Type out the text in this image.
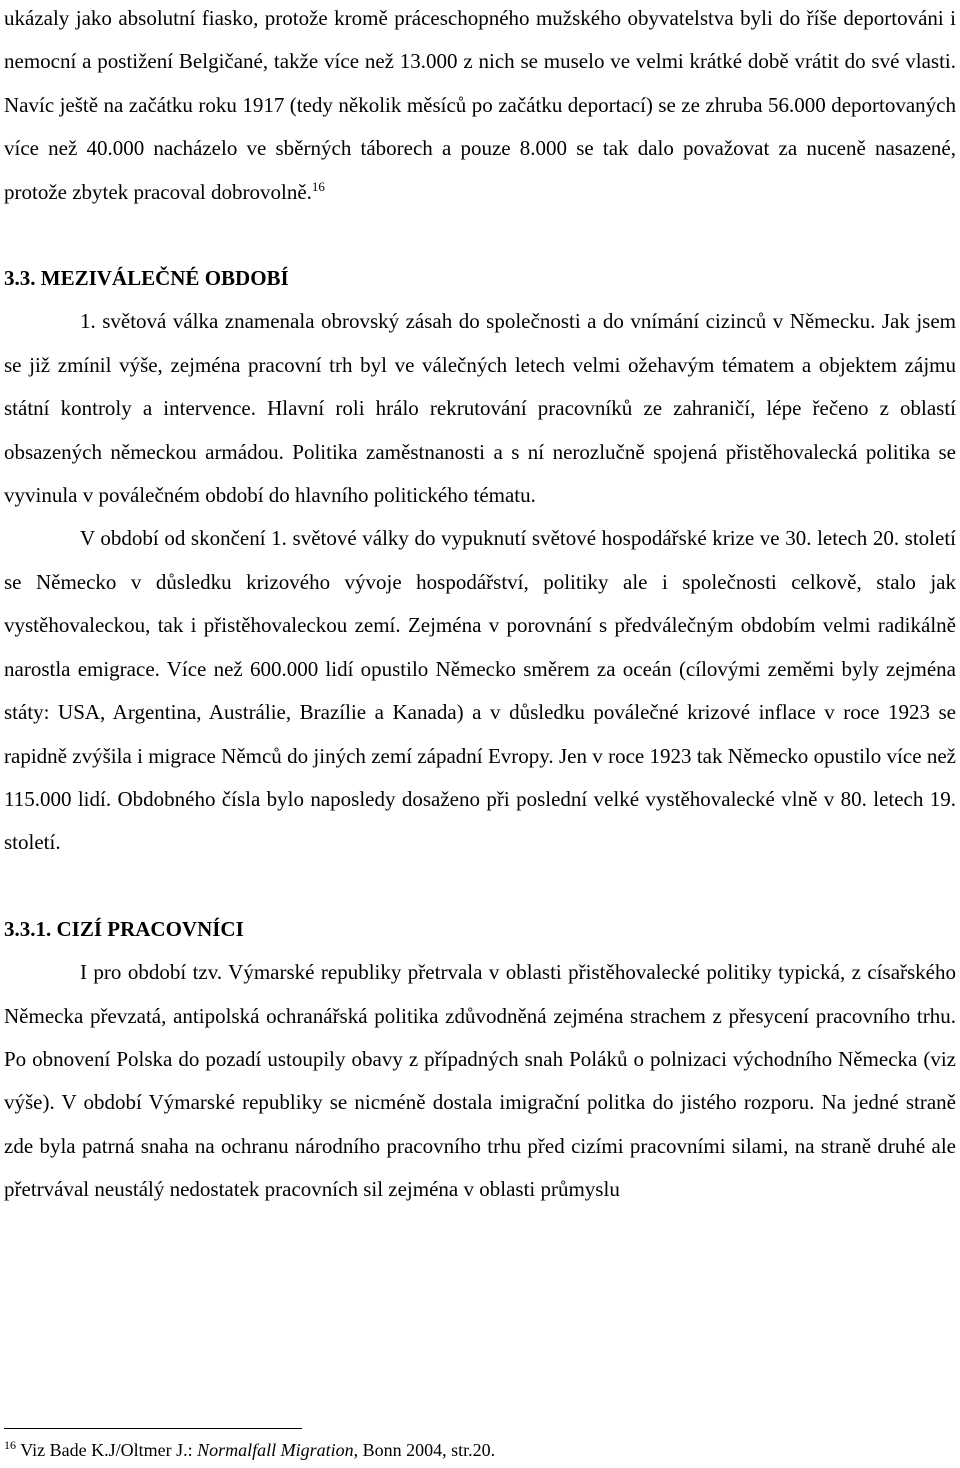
ukázaly jako absolutní fiasko, protože kromě práceschopného mužského obyvatelstva byli do říše deportováni i nemocní a postižení Belgičané, takže více než 13.000 z nich se muselo ve velmi krátké době vrátit do své vlasti. Navíc ještě na začátku roku 1917 (tedy několik měsíců po začátku deportací) se ze zhruba 56.000 deportovaných více než 40.000 nacházelo ve sběrných táborech a pouze 8.000 se tak dalo považovat za nuceně nasazené, protože zbytek pracoval dobrovolně.$^{16}$

3.3. MEZIVÁLEČNÉ OBDOBÍ

1. světová válka znamenala obrovský zásah do společnosti a do vnímání cizinců v Německu. Jak jsem se již zmínil výše, zejména pracovní trh byl ve válečných letech velmi ožehavým tématem a objektem zájmu státní kontroly a intervence. Hlavní roli hrálo rekrutování pracovníků ze zahraničí, lépe řečeno z oblastí obsazených německou armádou. Politika zaměstnanosti a s ní nerozlučně spojená přistěhovalecká politika se vyvinula v poválečném období do hlavního politického tématu.

V období od skončení 1. světové války do vypuknutí světové hospodářské krize ve 30. letech 20. století se Německo v důsledku krizového vývoje hospodářství, politiky ale i společnosti celkově, stalo jak vystěhovaleckou, tak i přistěhovaleckou zemí. Zejména v porovnání s předválečným obdobím velmi radikálně narostla emigrace. Více než 600.000 lidí opustilo Německo směrem za oceán (cílovými zeměmi byly zejména státy: USA, Argentina, Austrálie, Brazílie a Kanada) a v důsledku poválečné krizové inflace v roce 1923 se rapidně zvýšila i migrace Němců do jiných zemí západní Evropy. Jen v roce 1923 tak Německo opustilo více než 115.000 lidí. Obdobného čísla bylo naposledy dosaženo při poslední velké vystěhovalecké vlně v 80. letech 19. století.

3.3.1. CIZÍ PRACOVNÍCI

I pro období tzv. Výmarské republiky přetrvala v oblasti přistěhovalecké politiky typická, z císařského Německa převzatá, antipolská ochranářská politika zdůvodněná zejména strachem z přesycení pracovního trhu. Po obnovení Polska do pozadí ustoupily obavy z případných snah Poláků o polnizaci východního Německa (viz výše). V období Výmarské republiky se nicméně dostala imigrační politka do jistého rozporu. Na jedné straně zde byla patrná snaha na ochranu národního pracovního trhu před cizími pracovními silami, na straně druhé ale přetrvával neustálý nedostatek pracovních sil zejména v oblasti průmyslu

$^{16}$ Viz Bade K.J/Oltmer J.: Normalfall Migration, Bonn 2004, str.20.
